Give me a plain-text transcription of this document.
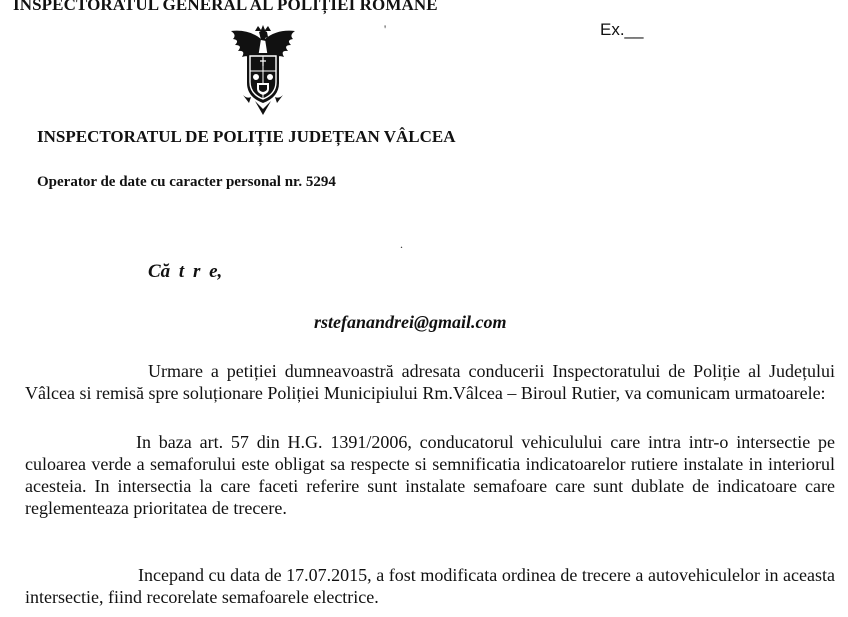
INSPECTORATUL GENERAL AL POLIȚIEI ROMANE
'	Ex.__
INSPECTORATUL DE POLIȚIE JUDEȚEAN VÂLCEA
Operator de date cu caracter personal nr. 5294
.
Că t r e,
rstefanandrei@gmail.com
Urmare a petiției dumneavoastră adresata conducerii Inspectoratului de Poliție al Județului Vâlcea si remisă spre soluționare Poliției Municipiului Rm.Vâlcea – Biroul Rutier, va comunicam urmatoarele:
In baza art. 57 din H.G. 1391/2006, conducatorul vehiculului care intra intr-o intersectie pe culoarea verde a semaforului este obligat sa respecte si semnificatia indicatoarelor rutiere instalate in interiorul acesteia. In intersectia la care faceti referire sunt instalate semafoare care sunt dublate de indicatoare care reglementeaza prioritatea de trecere.
Incepand cu data de 17.07.2015, a fost modificata ordinea de trecere a autovehiculelor in aceasta intersectie, fiind recorelate semafoarele electrice.
